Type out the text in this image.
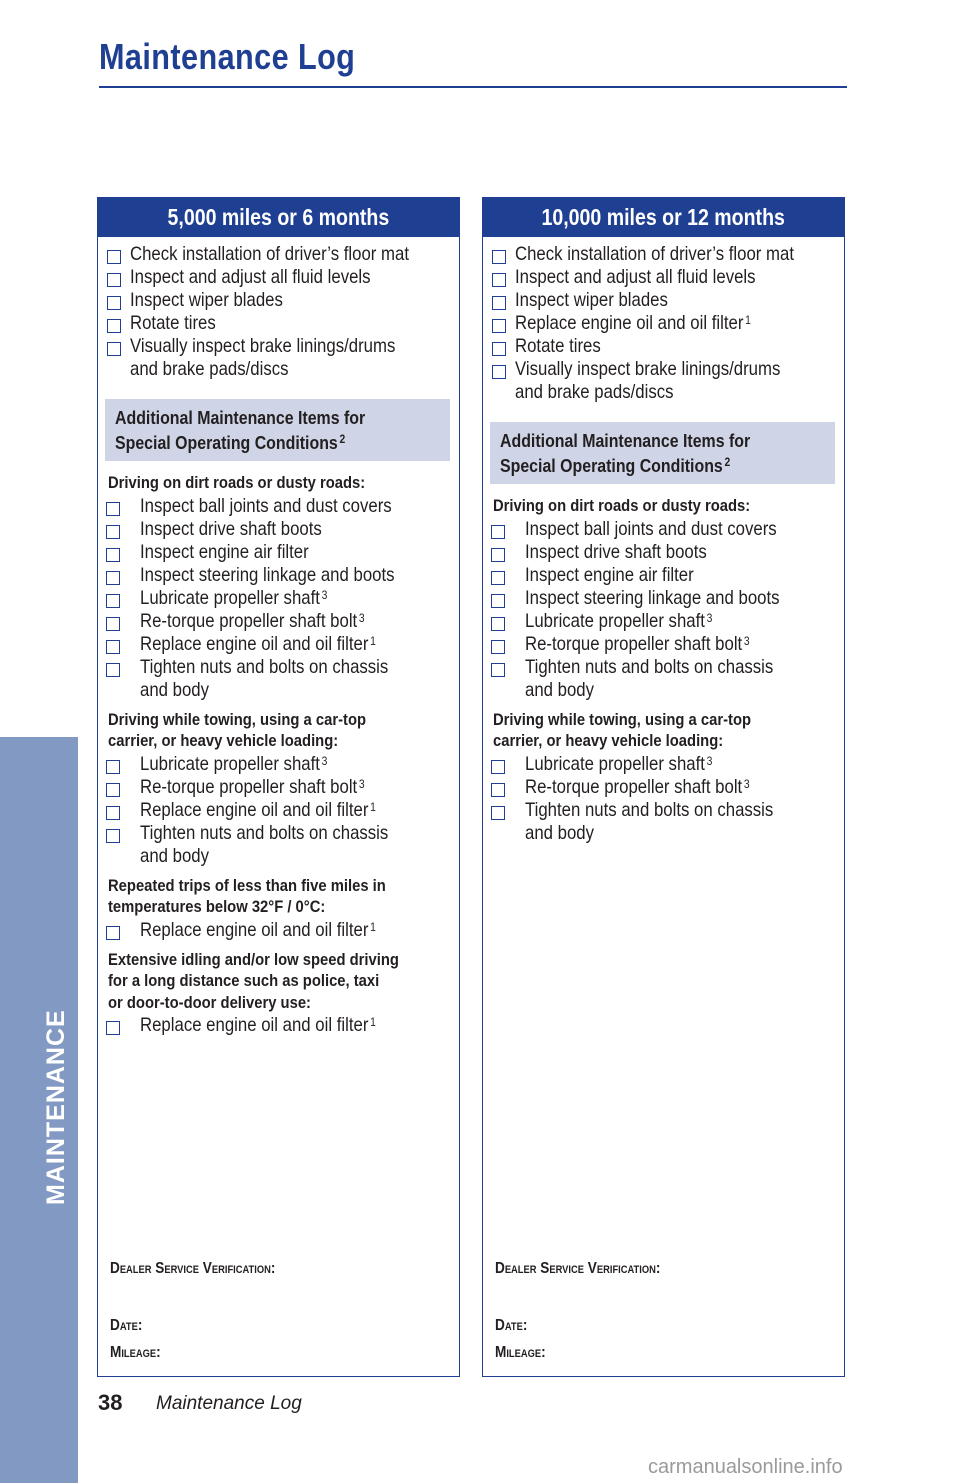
Maintenance Log
5,000 miles or 6 months
Check installation of driver’s floor mat
Inspect and adjust all fluid levels
Inspect wiper blades
Rotate tires
Visually inspect brake linings/drums
and brake pads/discs
Additional Maintenance Items for
Special Operating Conditions $^2$
Driving on dirt roads or dusty roads:
Inspect ball joints and dust covers
Inspect drive shaft boots
Inspect engine air filter
Inspect steering linkage and boots
Lubricate propeller shaft $^3$
Re-torque propeller shaft bolt $^3$
Replace engine oil and oil filter $^1$
Tighten nuts and bolts on chassis
and body
Driving while towing, using a car-top
carrier, or heavy vehicle loading:
Lubricate propeller shaft $^3$
Re-torque propeller shaft bolt $^3$
Replace engine oil and oil filter $^1$
Tighten nuts and bolts on chassis
and body
Repeated trips of less than five miles in
temperatures below 32°F / 0°C:
Replace engine oil and oil filter $^1$
Extensive idling and/or low speed driving
for a long distance such as police, taxi
or door-to-door delivery use:
Replace engine oil and oil filter $^1$
Dealer Service Verification:
Date:
Mileage:
10,000 miles or 12 months
Check installation of driver’s floor mat
Inspect and adjust all fluid levels
Inspect wiper blades
Replace engine oil and oil filter $^1$
Rotate tires
Visually inspect brake linings/drums
and brake pads/discs
Additional Maintenance Items for
Special Operating Conditions $^2$
Driving on dirt roads or dusty roads:
Inspect ball joints and dust covers
Inspect drive shaft boots
Inspect engine air filter
Inspect steering linkage and boots
Lubricate propeller shaft $^3$
Re-torque propeller shaft bolt $^3$
Tighten nuts and bolts on chassis
and body
Driving while towing, using a car-top
carrier, or heavy vehicle loading:
Lubricate propeller shaft $^3$
Re-torque propeller shaft bolt $^3$
Tighten nuts and bolts on chassis
and body
Dealer Service Verification:
Date:
Mileage:
MAINTENANCE
38 Maintenance Log
carmanualsonline.info
